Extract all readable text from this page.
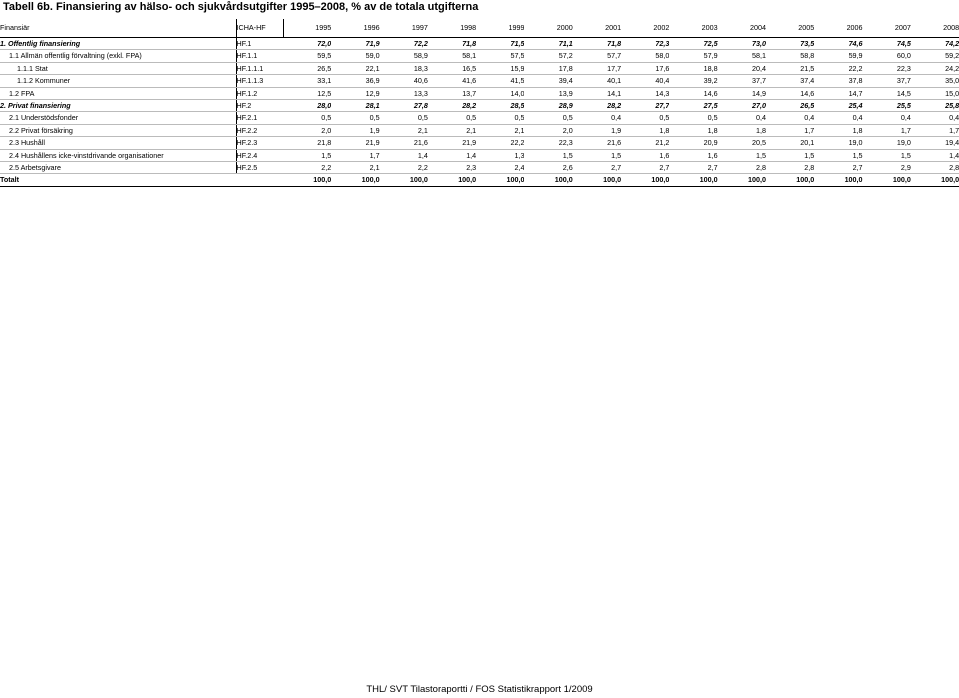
Tabell 6b. Finansiering av hälso- och sjukvårdsutgifter 1995–2008, % av de totala utgifterna
Finansiär	ICHA-HF	1995	1996	1997	1998	1999	2000	2001	2002	2003	2004	2005	2006	2007	2008
1. Offentlig finansiering	HF.1	72,0	71,9	72,2	71,8	71,5	71,1	71,8	72,3	72,5	73,0	73,5	74,6	74,5	74,2
1.1 Allmän offentlig förvaltning (exkl. FPA)	HF.1.1	59,5	59,0	58,9	58,1	57,5	57,2	57,7	58,0	57,9	58,1	58,8	59,9	60,0	59,2
1.1.1 Stat	HF.1.1.1	26,5	22,1	18,3	16,5	15,9	17,8	17,7	17,6	18,8	20,4	21,5	22,2	22,3	24,2
1.1.2 Kommuner	HF.1.1.3	33,1	36,9	40,6	41,6	41,5	39,4	40,1	40,4	39,2	37,7	37,4	37,8	37,7	35,0
1.2 FPA	HF.1.2	12,5	12,9	13,3	13,7	14,0	13,9	14,1	14,3	14,6	14,9	14,6	14,7	14,5	15,0
2. Privat finansiering	HF.2	28,0	28,1	27,8	28,2	28,5	28,9	28,2	27,7	27,5	27,0	26,5	25,4	25,5	25,8
2.1 Understödsfonder	HF.2.1	0,5	0,5	0,5	0,5	0,5	0,5	0,4	0,5	0,5	0,4	0,4	0,4	0,4	0,4
2.2 Privat försäkring	HF.2.2	2,0	1,9	2,1	2,1	2,1	2,0	1,9	1,8	1,8	1,8	1,7	1,8	1,7	1,7
2.3 Hushåll	HF.2.3	21,8	21,9	21,6	21,9	22,2	22,3	21,6	21,2	20,9	20,5	20,1	19,0	19,0	19,4
2.4 Hushållens icke-vinstdrivande organisationer	HF.2.4	1,5	1,7	1,4	1,4	1,3	1,5	1,5	1,6	1,6	1,5	1,5	1,5	1,5	1,4
2.5 Arbetsgivare	HF.2.5	2,2	2,1	2,2	2,3	2,4	2,6	2,7	2,7	2,7	2,8	2,8	2,7	2,9	2,8
Totalt		100,0	100,0	100,0	100,0	100,0	100,0	100,0	100,0	100,0	100,0	100,0	100,0	100,0	100,0
THL/ SVT Tilastoraportti / FOS Statistikrapport 1/2009
